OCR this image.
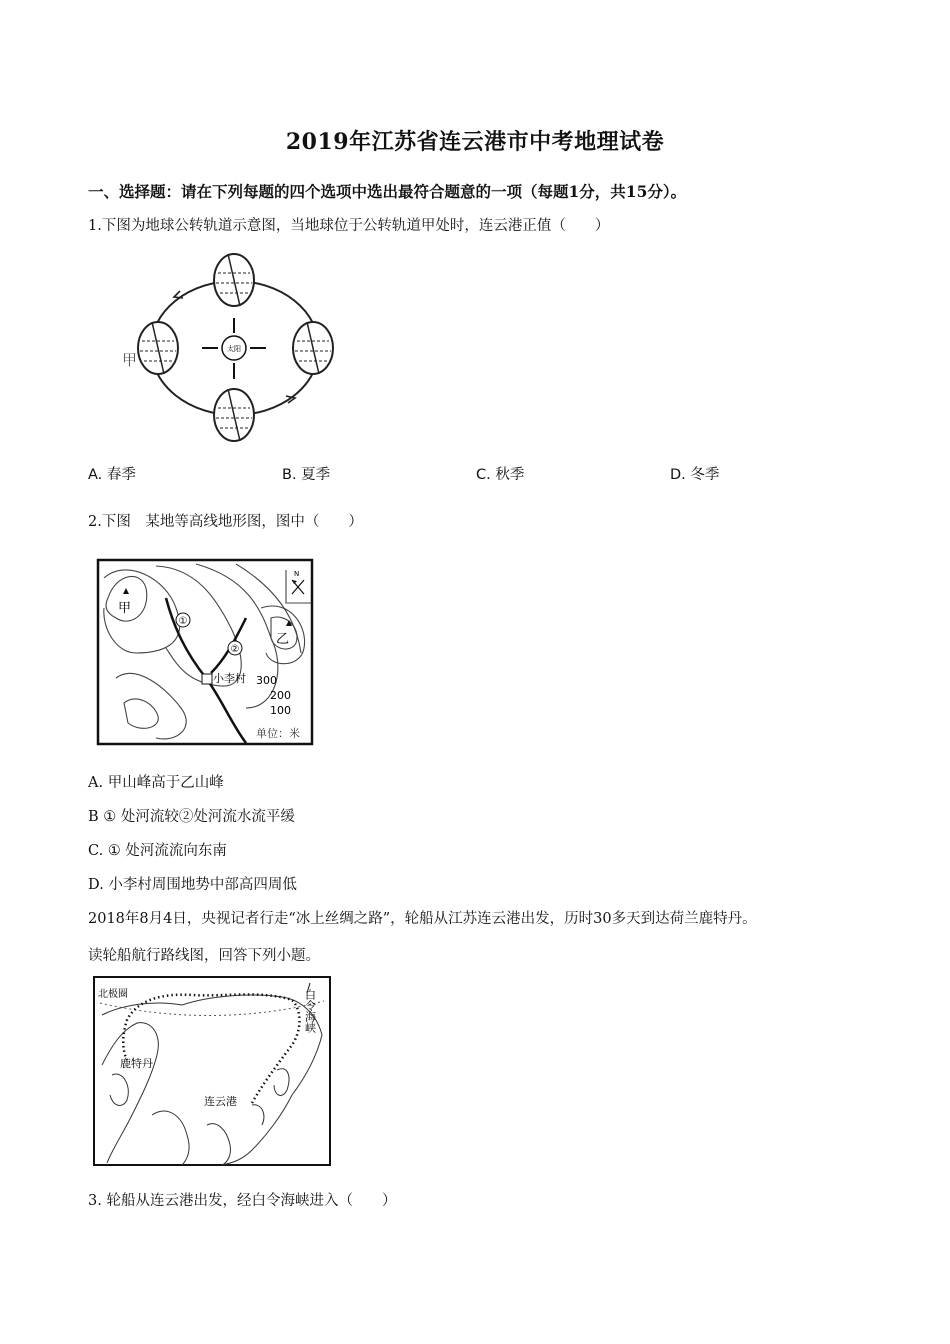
2019年江苏省连云港市中考地理试卷
一、选择题：请在下列每题的四个选项中选出最符合题意的一项（每题1分，共15分）。
1.下图为地球公转轨道示意图，当地球位于公转轨道甲处时，连云港正值（　　）
太阳
甲
A. 春季	B. 夏季	C. 秋季	D. 冬季
2.下图　某地等高线地形图，图中（　　）
①
②
甲
乙
小李村 300
200
100
单位：米
N
A. 甲山峰高于乙山峰
B ① 处河流较②处河流水流平缓
C. ① 处河流流向东南
D. 小李村周围地势中部高四周低
2018年8月4日，央视记者行走“冰上丝绸之路”，轮船从江苏连云港出发，历时30多天到达荷兰鹿特丹。
读轮船航行路线图，回答下列小题。
北极圈
鹿特丹
连云港
白令海峡
3. 轮船从连云港出发，经白令海峡进入（　　）
